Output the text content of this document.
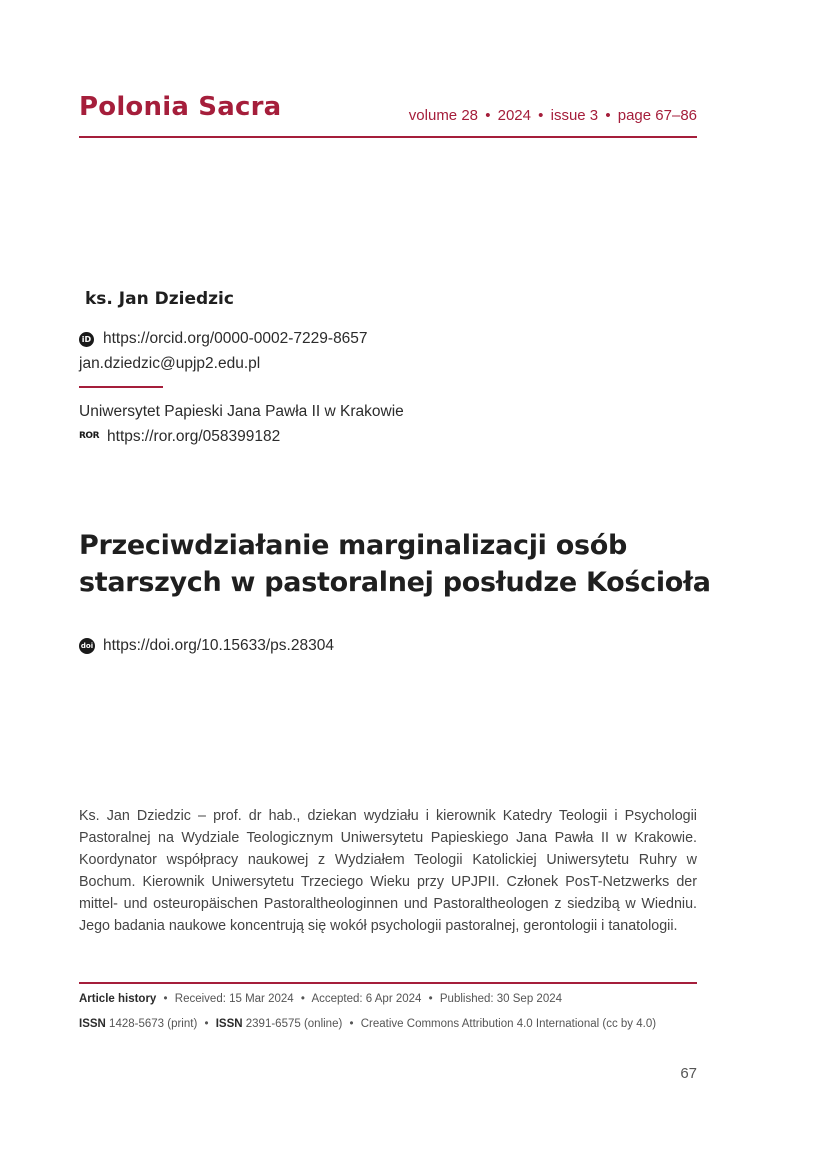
Polonia Sacra	volume 28 • 2024 • issue 3 • page 67–86
ks. Jan Dziedzic
iD https://orcid.org/0000-0002-7229-8657
jan.dziedzic@upjp2.edu.pl
Uniwersytet Papieski Jana Pawła II w Krakowie
ROR https://ror.org/058399182
Przeciwdziałanie marginalizacji osób
starszych w pastoralnej posłudze Kościoła
doi https://doi.org/10.15633/ps.28304

Ks. Jan Dziedzic – prof. dr hab., dziekan wydziału i kierownik Katedry Teologii i Psychologii Pastoralnej na Wydziale Teologicznym Uniwersytetu Papieskiego Jana Pawła II w Krakowie. Koordynator współpracy naukowej z Wydziałem Teologii Katolickiej Uniwersytetu Ruhry w Bochum. Kierownik Uniwersytetu Trzeciego Wieku przy UPJPII. Członek PosT-Netzwerks der mittel- und osteuropäischen Pastoraltheologinnen und Pastoraltheologen z siedzibą w Wiedniu. Jego badania naukowe koncentrują się wokół psychologii pastoralnej, gerontologii i tanatologii.

Article history • Received: 15 Mar 2024 • Accepted: 6 Apr 2024 • Published: 30 Sep 2024
ISSN 1428-5673 (print) • ISSN 2391-6575 (online) • Creative Commons Attribution 4.0 International (cc by 4.0)
67
